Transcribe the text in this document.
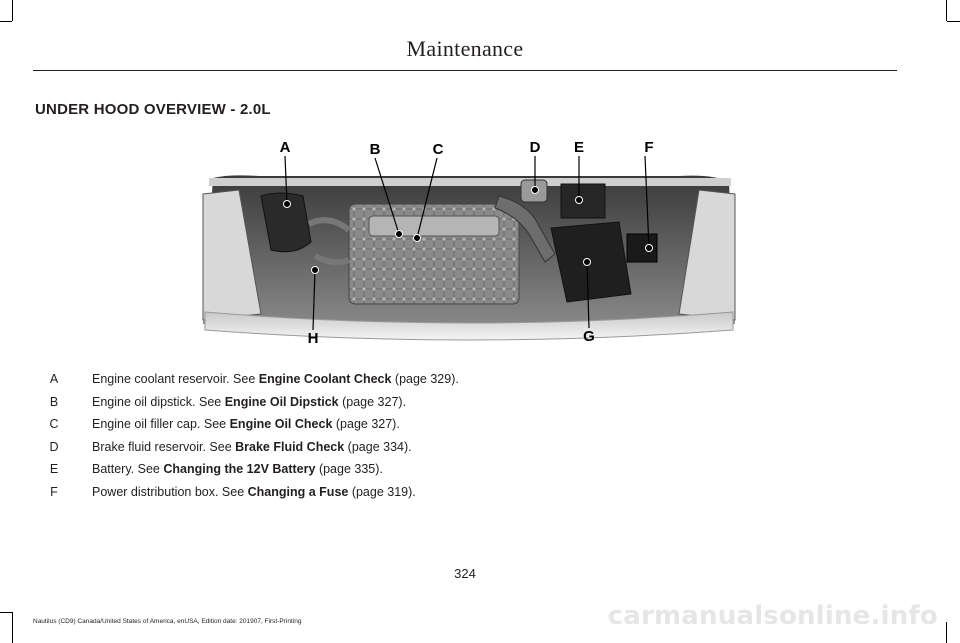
Maintenance
UNDER HOOD OVERVIEW - 2.0L
A	B	C	D E	F
G
H
A	Engine coolant reservoir. See Engine Coolant Check (page 329).
B	Engine oil dipstick. See Engine Oil Dipstick (page 327).
C	Engine oil filler cap. See Engine Oil Check (page 327).
D	Brake fluid reservoir. See Brake Fluid Check (page 334).
E	Battery. See Changing the 12V Battery (page 335).
F	Power distribution box. See Changing a Fuse (page 319).
324
Nautilus (CD9) Canada/United States of America, enUSA, Edition date: 201907, First-Printing	carmanualsonline.info
